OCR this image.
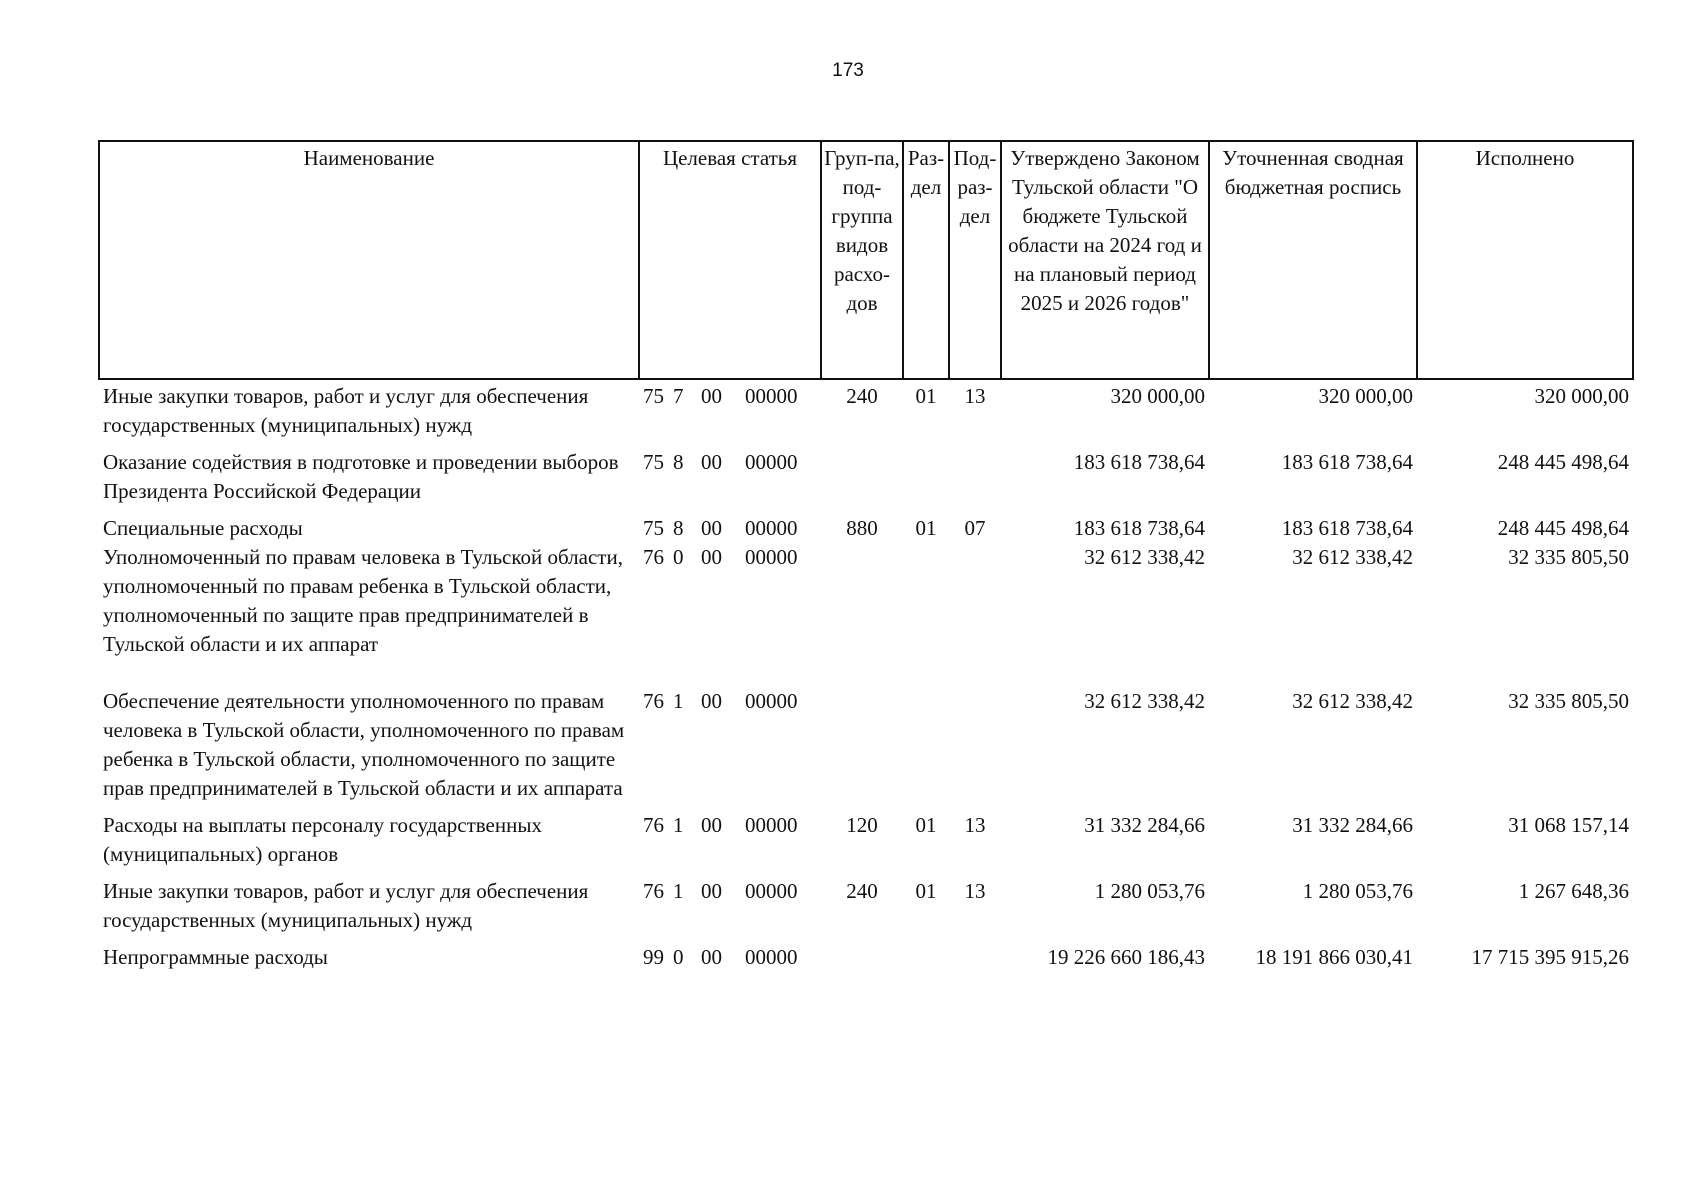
173
Наименование	Целевая статья	Груп-па, под-группа видов расхо-дов	Раз-дел	Под-раз-дел	Утверждено Законом Тульской области "О бюджете Тульской области на 2024 год и на плановый период 2025 и 2026 годов"	Уточненная сводная бюджетная роспись	Исполнено
Иные закупки товаров, работ и услуг для обеспечения государственных (муниципальных) нужд	75 7 00 00000	240	01	13	320 000,00	320 000,00	320 000,00
Оказание содействия в подготовке и проведении выборов Президента Российской Федерации	75 8 00 00000				183 618 738,64	183 618 738,64	248 445 498,64
Специальные расходы	75 8 00 00000	880	01	07	183 618 738,64	183 618 738,64	248 445 498,64
Уполномоченный по правам человека в Тульской области, уполномоченный по правам ребенка в Тульской области, уполномоченный по защите прав предпринимателей в Тульской области и их аппарат	76 0 00 00000				32 612 338,42	32 612 338,42	32 335 805,50
Обеспечение деятельности уполномоченного по правам человека в Тульской области, уполномоченного по правам ребенка в Тульской области, уполномоченного по защите прав предпринимателей в Тульской области и их аппарата	76 1 00 00000				32 612 338,42	32 612 338,42	32 335 805,50
Расходы на выплаты персоналу государственных (муниципальных) органов	76 1 00 00000	120	01	13	31 332 284,66	31 332 284,66	31 068 157,14
Иные закупки товаров, работ и услуг для обеспечения государственных (муниципальных) нужд	76 1 00 00000	240	01	13	1 280 053,76	1 280 053,76	1 267 648,36
Непрограммные расходы	99 0 00 00000				19 226 660 186,43	18 191 866 030,41	17 715 395 915,26
